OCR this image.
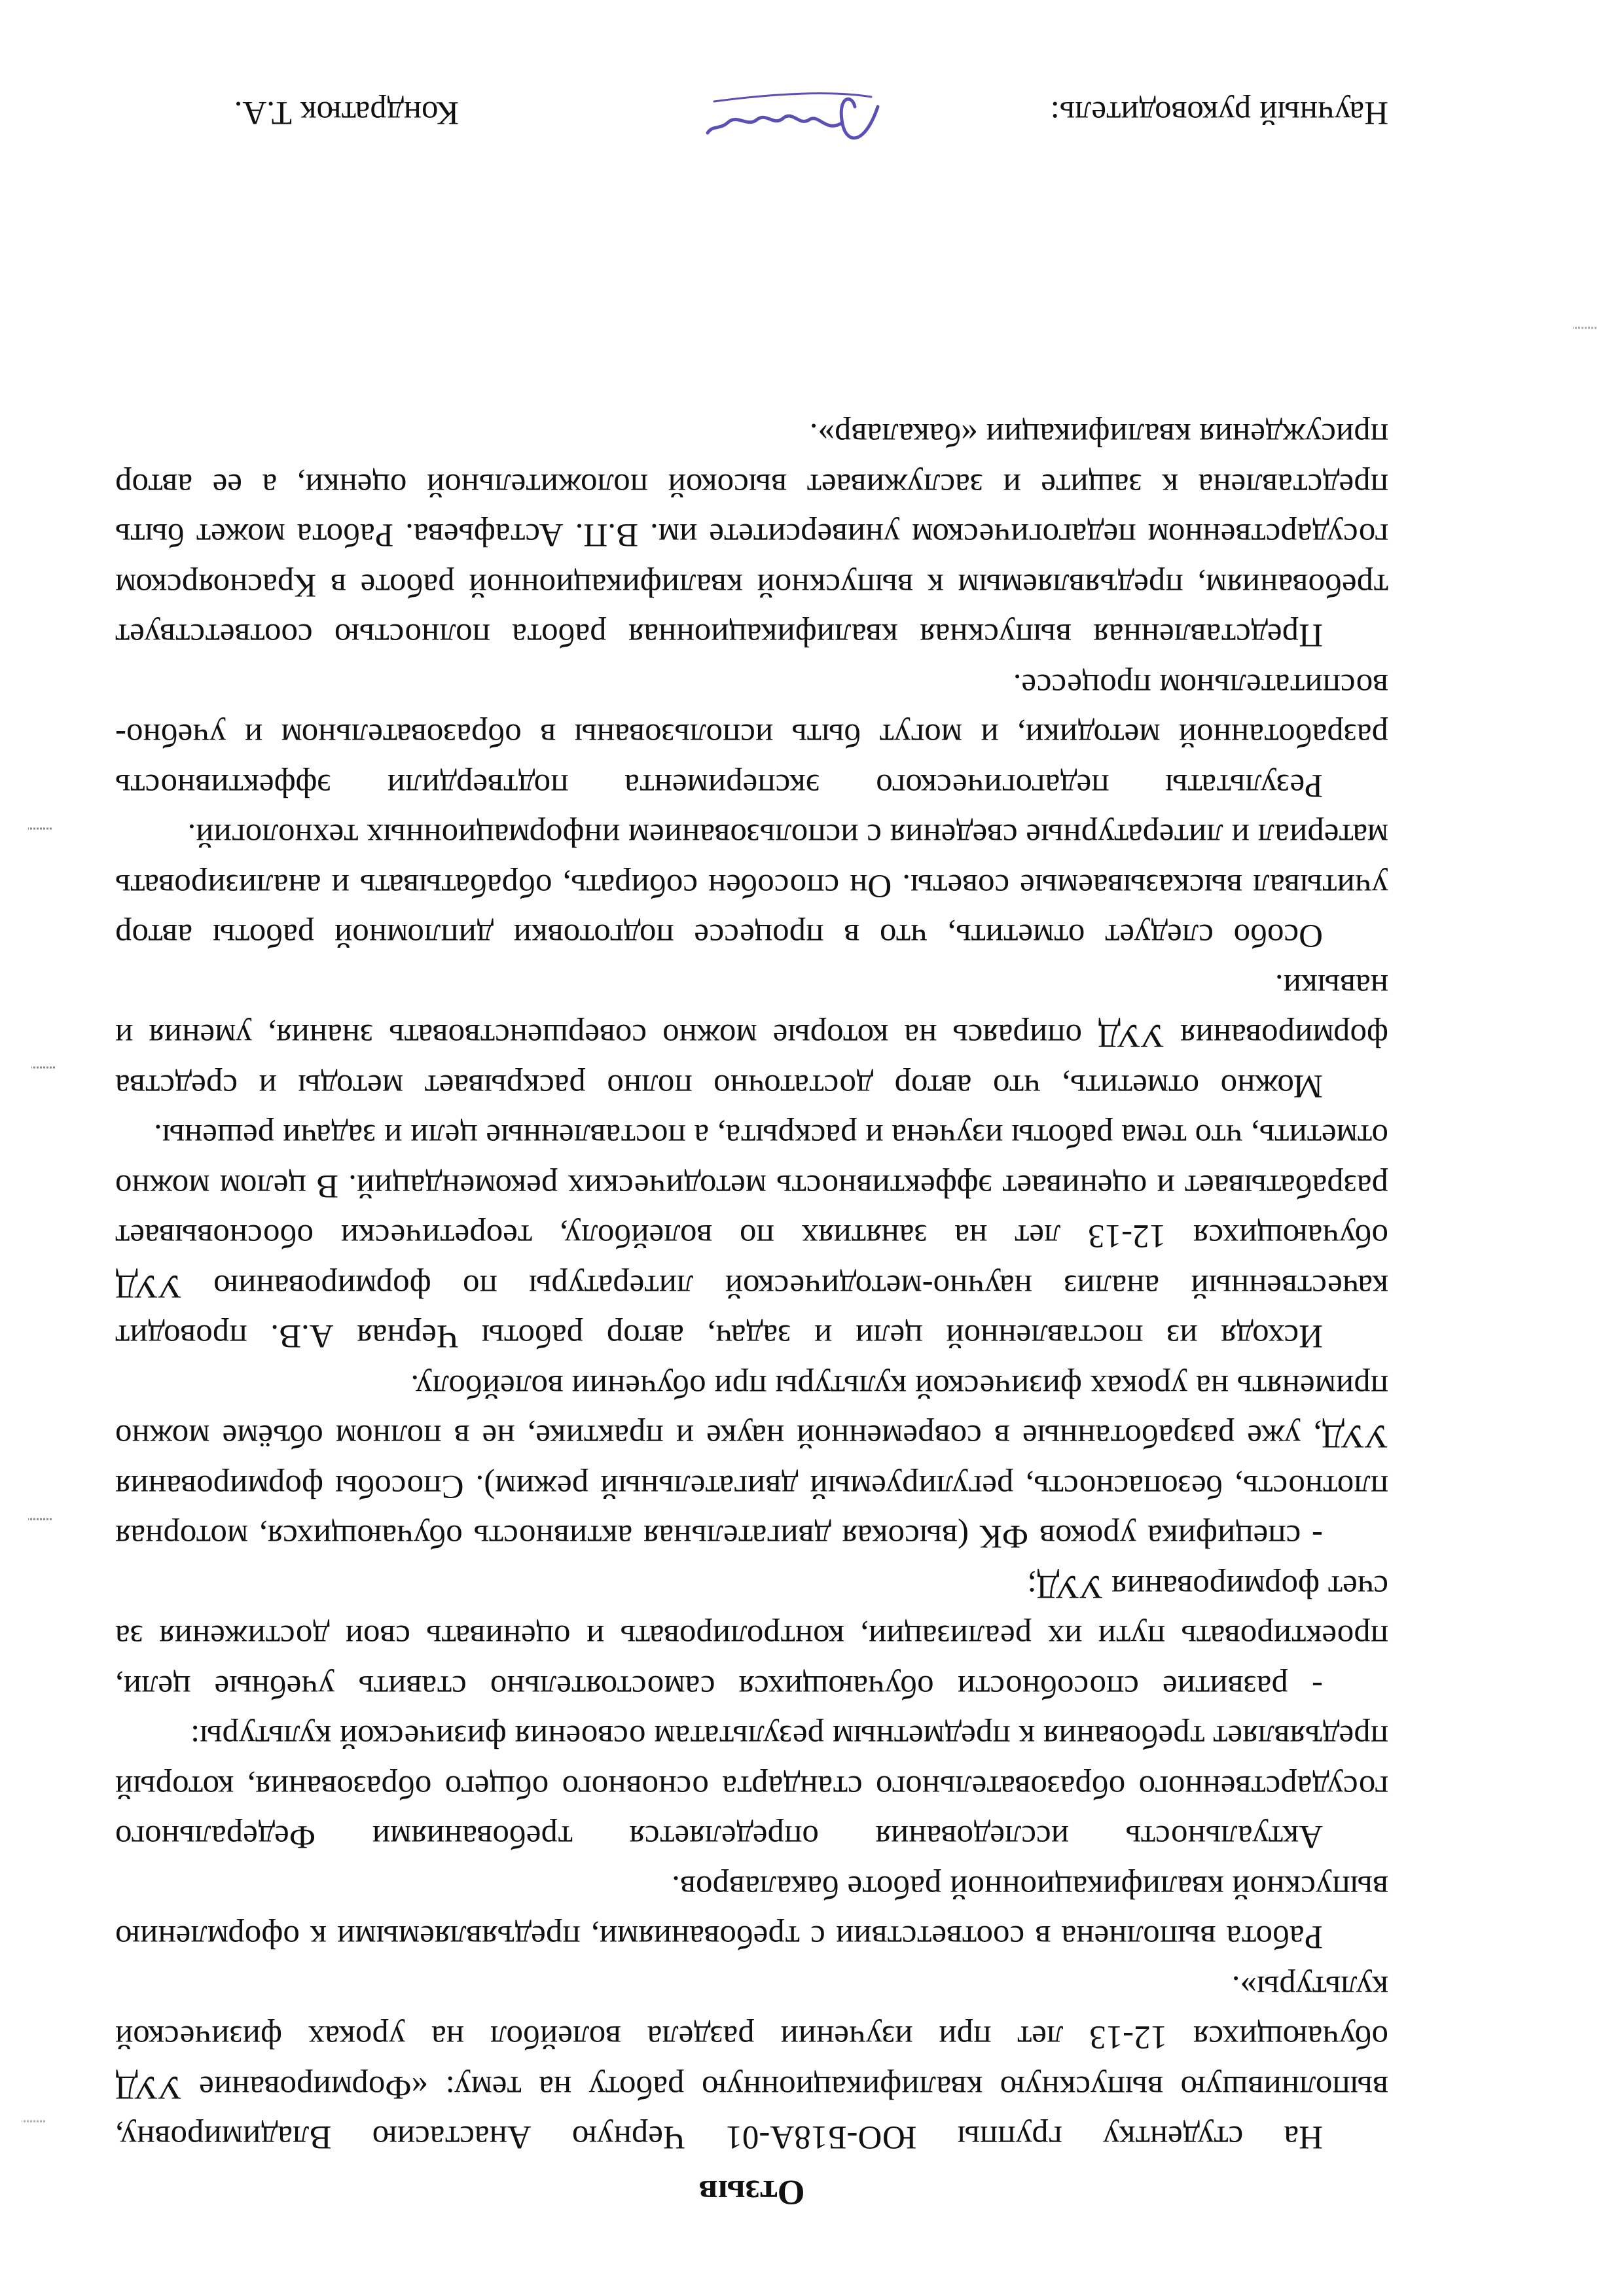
Отзыв

На студентку группы ЮО-Б18А-01 Черную Анастасию Владимировну, выполнившую выпускную квалификационную работу на тему: «Формирование УУД обучающихся 12-13 лет при изучении раздела волейбол на уроках физической культуры».

Работа выполнена в соответствии с требованиями, предъявляемыми к оформлению выпускной квалификационной работе бакалавров.

Актуальность исследования определяется требованиями Федерального государственного образовательного стандарта основного общего образования, который предъявляет требования к предметным результатам освоения физической культуры:

- развитие способности обучающихся самостоятельно ставить учебные цели, проектировать пути их реализации, контролировать и оценивать свои достижения за счет формирования УУД;

- специфика уроков ФК (высокая двигательная активность обучающихся, моторная плотность, безопасность, регулируемый двигательный режим). Способы формирования УУД, уже разработанные в современной науке и практике, не в полном объёме можно применять на уроках физической культуры при обучении волейболу.

Исходя из поставленной цели и задач, автор работы Черная А.В. проводит качественный анализ научно-методической литературы по формированию УУД обучающихся 12-13 лет на занятиях по волейболу, теоретически обосновывает разрабатывает и оценивает эффективность методических рекомендаций. В целом можно отметить, что тема работы изучена и раскрыта, а поставленные цели и задачи решены.

Можно отметить, что автор достаточно полно раскрывает методы и средства формирования УУД опираясь на которые можно совершенствовать знания, умения и навыки.

Особо следует отметить, что в процессе подготовки дипломной работы автор учитывал высказываемые советы. Он способен собирать, обрабатывать и анализировать материал и литературные сведения с использованием информационных технологий.

Результаты педагогического эксперимента подтвердили эффективность разработанной методики, и могут быть использованы в образовательном и учебно-воспитательном процессе.

Представленная выпускная квалификационная работа полностью соответствует требованиям, предъявляемым к выпускной квалификационной работе в Красноярском государственном педагогическом университете им. В.П. Астафьева. Работа может быть представлена к защите и заслуживает высокой положительной оценки, а ее автор присуждения квалификации «бакалавр».

Научный руководитель:
Кондратюк Т.А.
